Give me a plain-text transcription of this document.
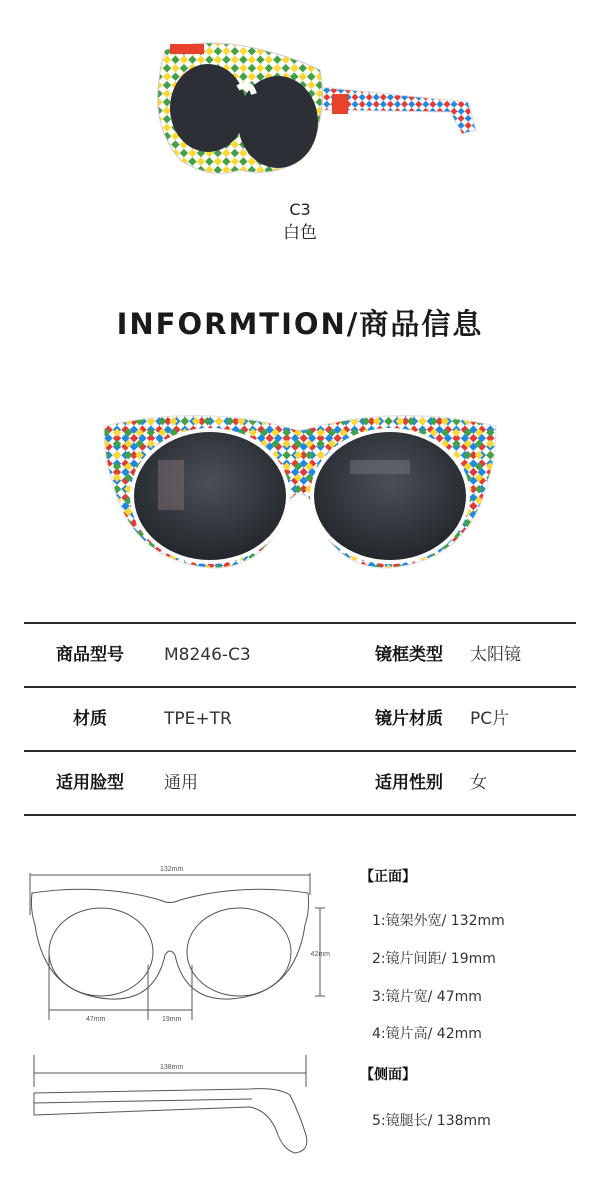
C3
白色
INFORMTION/商品信息
商品型号	M8246-C3	镜框类型	太阳镜
材质	TPE+TR	镜片材质	PC片
适用脸型	通用	适用性别	女
132mm
42mm
47mm	19mm
138mm
【正面】
1:镜架外宽/ 132mm
2:镜片间距/ 19mm
3:镜片宽/ 47mm
4:镜片高/ 42mm
【侧面】
5:镜腿长/ 138mm
